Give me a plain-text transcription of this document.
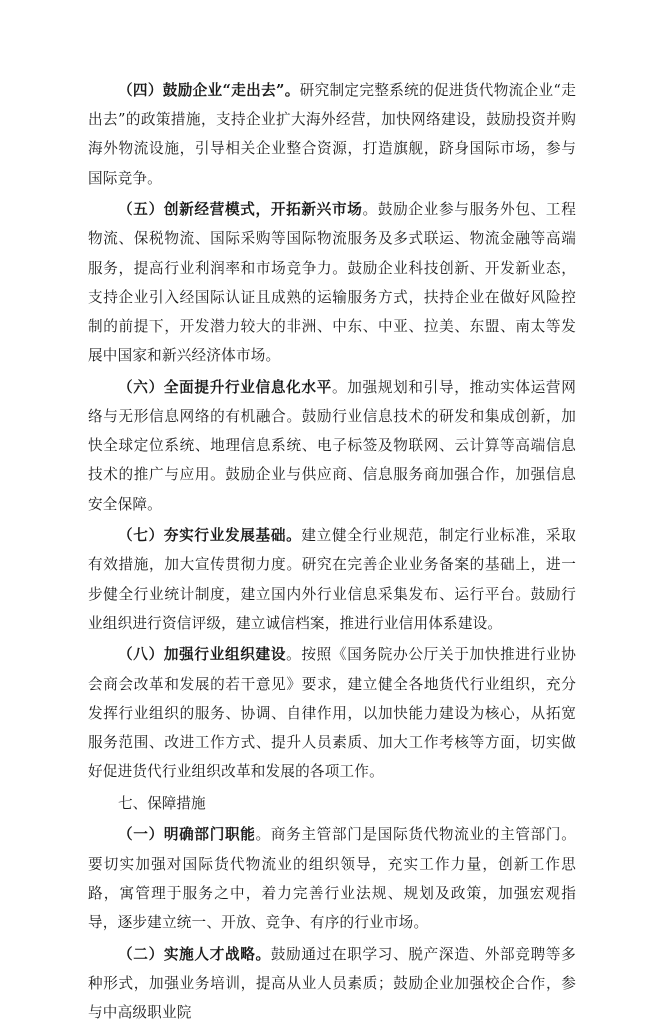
（四）鼓励企业“走出去”。研究制定完整系统的促进货代物流企业“走出去”的政策措施，支持企业扩大海外经营，加快网络建设，鼓励投资并购海外物流设施，引导相关企业整合资源，打造旗舰，跻身国际市场，参与国际竞争。

（五）创新经营模式，开拓新兴市场。鼓励企业参与服务外包、工程物流、保税物流、国际采购等国际物流服务及多式联运、物流金融等高端服务，提高行业利润率和市场竞争力。鼓励企业科技创新、开发新业态，支持企业引入经国际认证且成熟的运输服务方式，扶持企业在做好风险控制的前提下，开发潜力较大的非洲、中东、中亚、拉美、东盟、南太等发展中国家和新兴经济体市场。

（六）全面提升行业信息化水平。加强规划和引导，推动实体运营网络与无形信息网络的有机融合。鼓励行业信息技术的研发和集成创新，加快全球定位系统、地理信息系统、电子标签及物联网、云计算等高端信息技术的推广与应用。鼓励企业与供应商、信息服务商加强合作，加强信息安全保障。

（七）夯实行业发展基础。建立健全行业规范，制定行业标准，采取有效措施，加大宣传贯彻力度。研究在完善企业业务备案的基础上，进一步健全行业统计制度，建立国内外行业信息采集发布、运行平台。鼓励行业组织进行资信评级，建立诚信档案，推进行业信用体系建设。

（八）加强行业组织建设。按照《国务院办公厅关于加快推进行业协会商会改革和发展的若干意见》要求，建立健全各地货代行业组织，充分发挥行业组织的服务、协调、自律作用，以加快能力建设为核心，从拓宽服务范围、改进工作方式、提升人员素质、加大工作考核等方面，切实做好促进货代行业组织改革和发展的各项工作。

七、保障措施

（一）明确部门职能。商务主管部门是国际货代物流业的主管部门。要切实加强对国际货代物流业的组织领导，充实工作力量，创新工作思路，寓管理于服务之中，着力完善行业法规、规划及政策，加强宏观指导，逐步建立统一、开放、竞争、有序的行业市场。

（二）实施人才战略。鼓励通过在职学习、脱产深造、外部竞聘等多种形式，加强业务培训，提高从业人员素质；鼓励企业加强校企合作，参与中高级职业院
